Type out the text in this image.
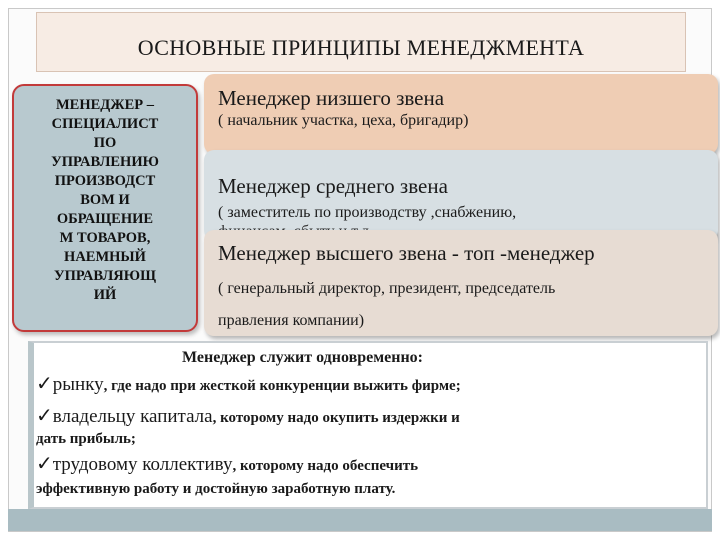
ОСНОВНЫЕ ПРИНЦИПЫ МЕНЕДЖМЕНТА
МЕНЕДЖЕР –
СПЕЦИАЛИСТ
ПО
УПРАВЛЕНИЮ
ПРОИЗВОДСТ
ВОМ И
ОБРАЩЕНИЕ
М ТОВАРОВ,
НАЕМНЫЙ
УПРАВЛЯЮЩ
ИЙ
Менеджер низшего звена
( начальник участка, цеха, бригадир)
Менеджер среднего звена
( заместитель по производству ,снабжению,
Менеджер высшего звена - топ -менеджер
( генеральный директор, президент, председатель
правления компании)
Менеджер служит одновременно:
✓рынку, где надо при жесткой конкуренции выжить фирме;
✓владельцу капитала, которому надо окупить издержки и
дать прибыль;
✓трудовому коллективу, которому надо обеспечить
эффективную работу и достойную заработную плату.
